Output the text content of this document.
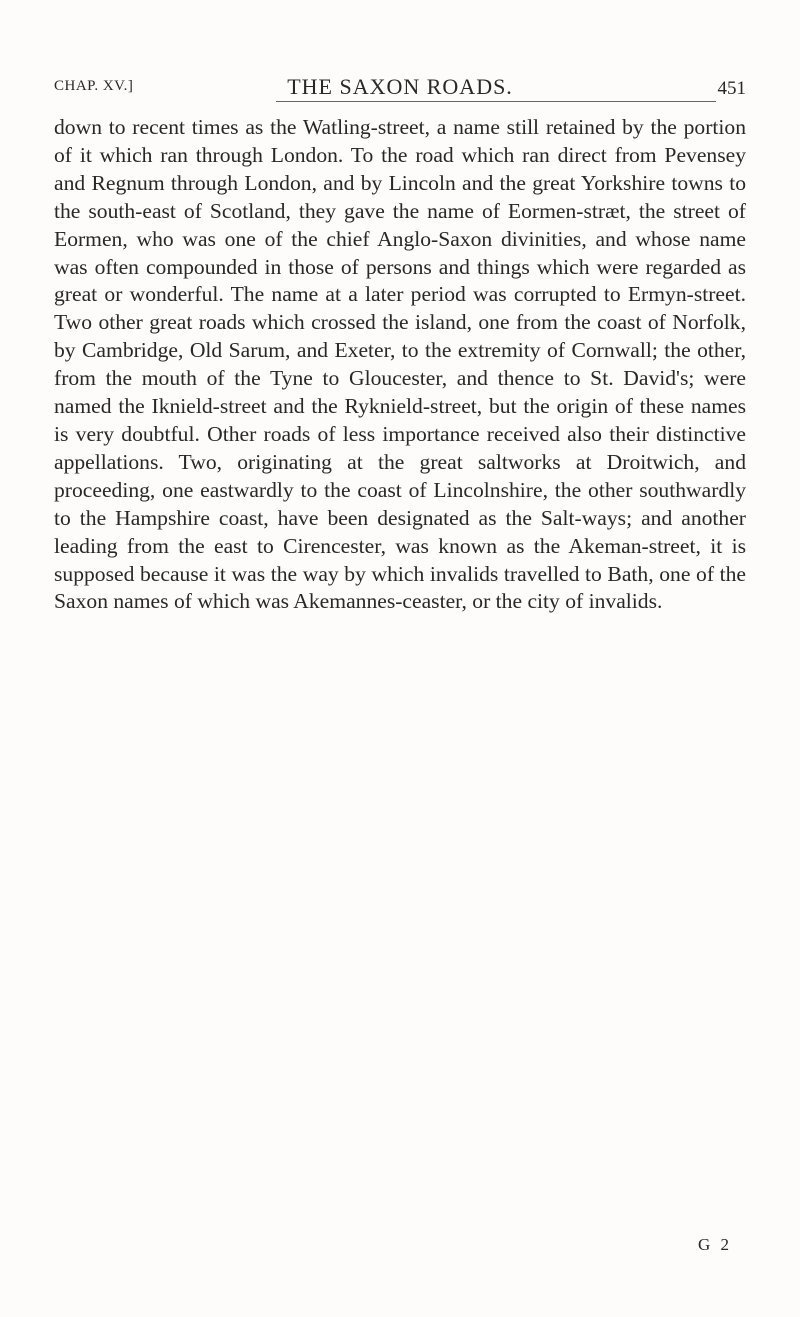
CHAP. XV.]	THE SAXON ROADS.	451

down to recent times as the Watling-street, a name still retained by the portion of it which ran through London. To the road which ran direct from Pevensey and Regnum through London, and by Lincoln and the great Yorkshire towns to the south-east of Scotland, they gave the name of Eormen-stræt, the street of Eormen, who was one of the chief Anglo-Saxon divinities, and whose name was often compounded in those of persons and things which were regarded as great or wonderful. The name at a later period was corrupted to Ermyn-street. Two other great roads which crossed the island, one from the coast of Norfolk, by Cambridge, Old Sarum, and Exeter, to the extremity of Cornwall; the other, from the mouth of the Tyne to Gloucester, and thence to St. David's; were named the Iknield-street and the Ryknield-street, but the origin of these names is very doubtful. Other roads of less importance received also their distinctive appellations. Two, originating at the great saltworks at Droitwich, and proceeding, one eastwardly to the coast of Lincolnshire, the other southwardly to the Hampshire coast, have been designated as the Salt-ways; and another leading from the east to Cirencester, was known as the Akeman-street, it is supposed because it was the way by which invalids travelled to Bath, one of the Saxon names of which was Akemannes-ceaster, or the city of invalids.

G 2
